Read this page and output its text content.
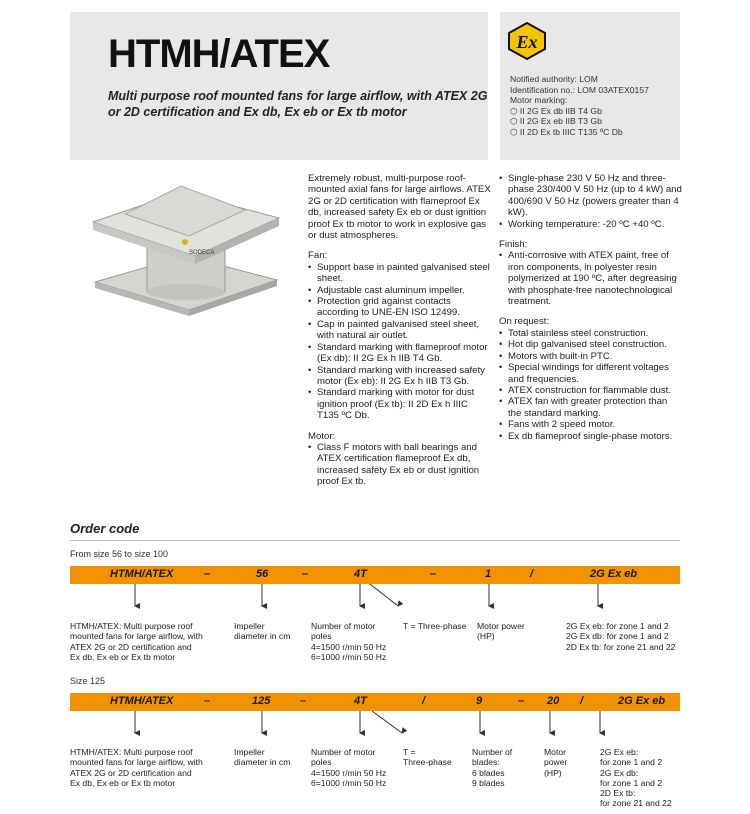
HTMH/ATEX
Multi purpose roof mounted fans for large airflow, with ATEX 2G or 2D certification and Ex db, Ex eb or Ex tb motor
Ex
Notified authority: LOM
Identification no.: LOM 03ATEX0157
Motor marking:
⬡ II 2G Ex db IIB T4 Gb
⬡ II 2G Ex eb IIB T3 Gb
⬡ II 2D Ex tb IIIC T135 ºC Db
SODECA

Extremely robust, multi-purpose roof-mounted axial fans for large airflows. ATEX 2G or 2D certification with flameproof Ex db, increased safety Ex eb or dust ignition proof Ex tb motor to work in explosive gas or dust atmospheres.

Fan:

• Support base in painted galvanised steel sheet.
• Adjustable cast aluminum impeller.
• Protection grid against contacts according to UNE-EN ISO 12499.
• Cap in painted galvanised steel sheet, with natural air outlet.
• Standard marking with flameproof motor (Ex db): II 2G Ex h IIB T4 Gb.
• Standard marking with increased safety motor (Ex eb): II 2G Ex h IIB T3 Gb.
• Standard marking with motor for dust ignition proof (Ex tb): II 2D Ex h IIIC T135 ºC Db.

Motor:

• Class F motors with ball bearings and ATEX certification flameproof Ex db, increased safety Ex eb or dust ignition proof Ex tb.
• Single-phase 230 V 50 Hz and three-phase 230/400 V 50 Hz (up to 4 kW) and 400/690 V 50 Hz (powers greater than 4 kW).
• Working temperature: -20 ºC +40 ºC.

Finish:

• Anti-corrosive with ATEX paint, free of iron components, in polyester resin polymerized at 190 ºC, after degreasing with phosphate-free nanotechnological treatment.

On request:

• Total stainless steel construction.
• Hot dip galvanised steel construction.
• Motors with built-in PTC.
• Special windings for different voltages and frequencies.
• ATEX construction for flammable dust.
• ATEX fan with greater protection than the standard marking.
• Fans with 2 speed motor.
• Ex db flameproof single-phase motors.
Order code
From size 56 to size 100
HTMH/ATEX	–	56	–	4T	–	1	/	2G Ex eb
HTMH/ATEX: Multi purpose roof
mounted fans for large airflow, with
ATEX 2G or 2D certification and
Ex db, Ex eb or Ex tb motor
Impeller
diameter in cm
Number of motor
poles
4=1500 r/min 50 Hz
6=1000 r/min 50 Hz
T = Three-phase Motor power
(HP)
2G Ex eb: for zone 1 and 2
2G Ex db: for zone 1 and 2
2D Ex tb: for zone 21 and 22
Size 125
HTMH/ATEX	–	125	–	4T	/	9	– 20 /	2G Ex eb
HTMH/ATEX: Multi purpose roof
mounted fans for large airflow, with
ATEX 2G or 2D certification and
Ex db, Ex eb or Ex tb motor
Impeller
diameter in cm
Number of motor
poles
4=1500 r/min 50 Hz
6=1000 r/min 50 Hz
T =
Three-phase
Number of
blades:
6 blades
9 blades
Motor
power
(HP)
2G Ex eb:
for zone 1 and 2
2G Ex db:
for zone 1 and 2
2D Ex tb:
for zone 21 and 22
